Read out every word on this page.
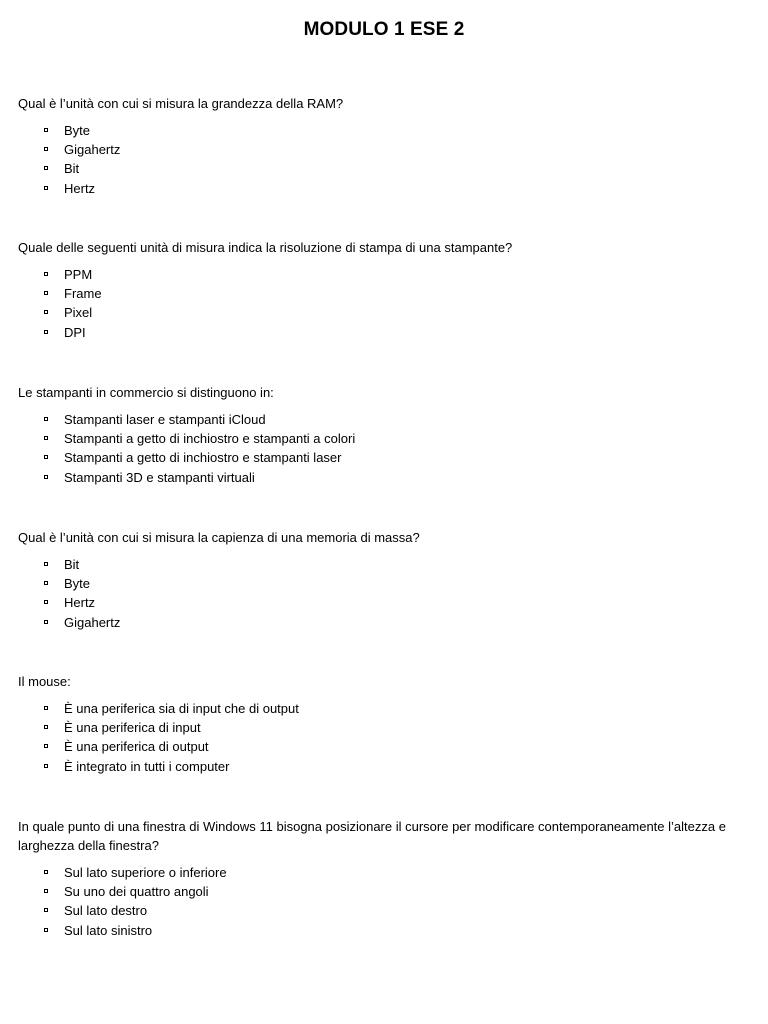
MODULO 1 ESE 2

Qual è l’unità con cui si misura la grandezza della RAM?

Byte
Gigahertz
Bit
Hertz

Quale delle seguenti unità di misura indica la risoluzione di stampa di una stampante?

PPM
Frame
Pixel
DPI

Le stampanti in commercio si distinguono in:

Stampanti laser e stampanti iCloud
Stampanti a getto di inchiostro e stampanti a colori
Stampanti a getto di inchiostro e stampanti laser
Stampanti 3D e stampanti virtuali

Qual è l’unità con cui si misura la capienza di una memoria di massa?

Bit
Byte
Hertz
Gigahertz

Il mouse:

È una periferica sia di input che di output
È una periferica di input
È una periferica di output
È integrato in tutti i computer

In quale punto di una finestra di Windows 11 bisogna posizionare il cursore per modificare contemporaneamente l’altezza e larghezza della finestra?

Sul lato superiore o inferiore
Su uno dei quattro angoli
Sul lato destro
Sul lato sinistro
